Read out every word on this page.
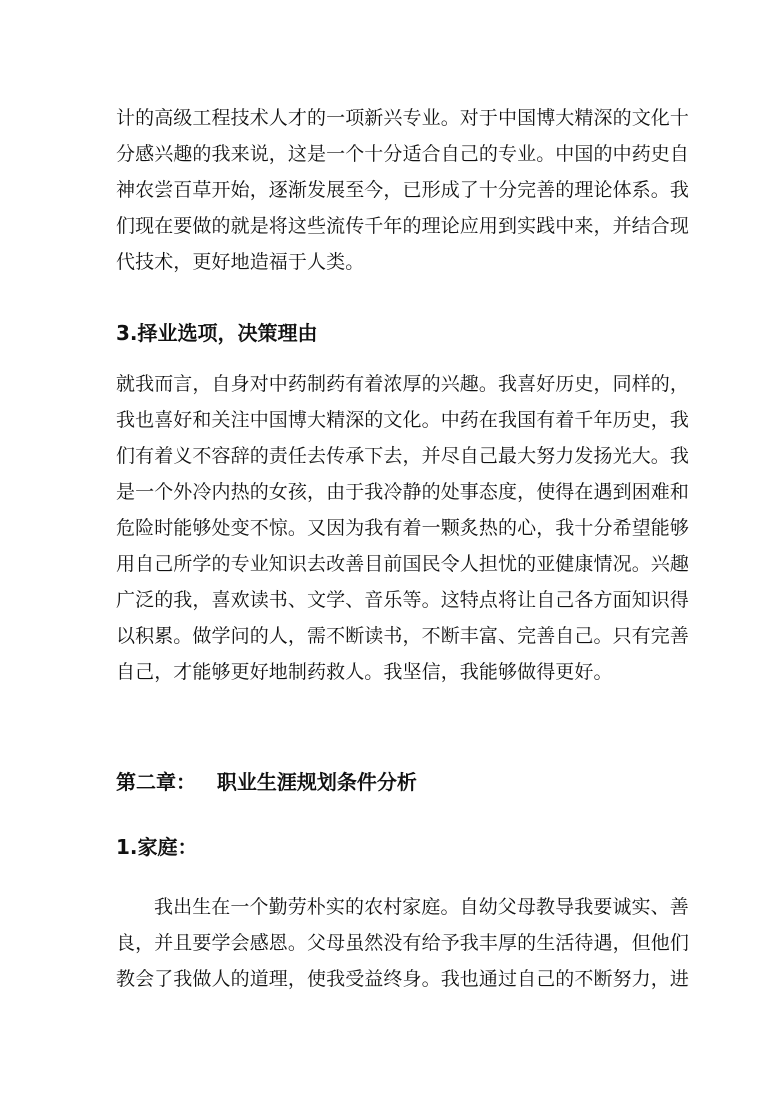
计的高级工程技术人才的一项新兴专业。对于中国博大精深的文化十
分感兴趣的我来说，这是一个十分适合自己的专业。中国的中药史自
神农尝百草开始，逐渐发展至今，已形成了十分完善的理论体系。我
们现在要做的就是将这些流传千年的理论应用到实践中来，并结合现
代技术，更好地造福于人类。
3.择业选项，决策理由
就我而言，自身对中药制药有着浓厚的兴趣。我喜好历史，同样的，
我也喜好和关注中国博大精深的文化。中药在我国有着千年历史，我
们有着义不容辞的责任去传承下去，并尽自己最大努力发扬光大。我
是一个外冷内热的女孩，由于我冷静的处事态度，使得在遇到困难和
危险时能够处变不惊。又因为我有着一颗炙热的心，我十分希望能够
用自己所学的专业知识去改善目前国民令人担忧的亚健康情况。兴趣
广泛的我，喜欢读书、文学、音乐等。这特点将让自己各方面知识得
以积累。做学问的人，需不断读书，不断丰富、完善自己。只有完善
自己，才能够更好地制药救人。我坚信，我能够做得更好。
第二章：   职业生涯规划条件分析
1.家庭：
我出生在一个勤劳朴实的农村家庭。自幼父母教导我要诚实、善
良，并且要学会感恩。父母虽然没有给予我丰厚的生活待遇，但他们
教会了我做人的道理，使我受益终身。我也通过自己的不断努力，进
